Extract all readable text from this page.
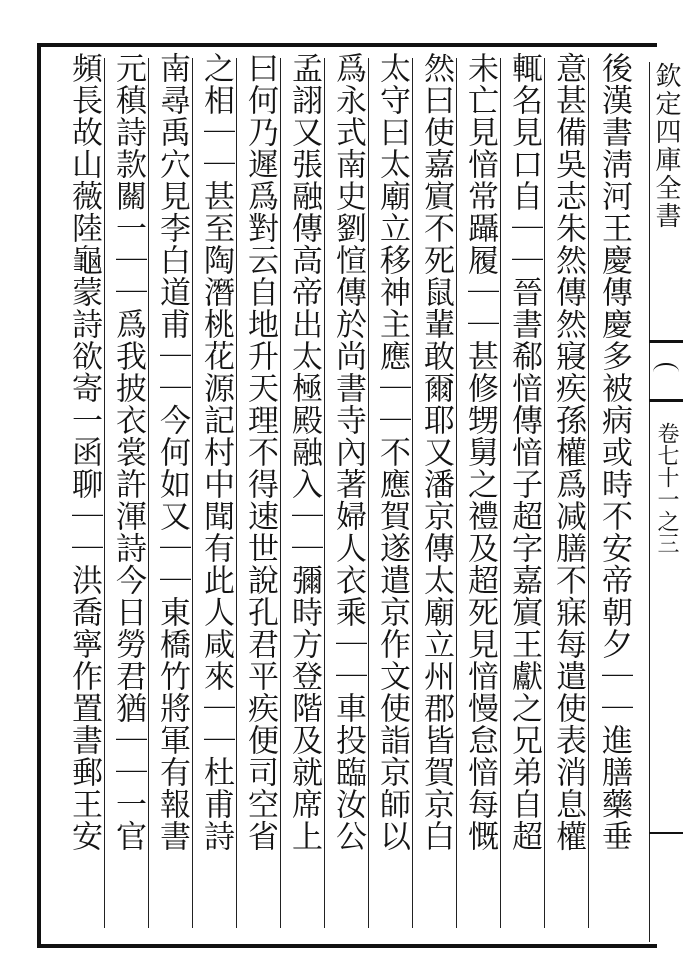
欽定四庫全書
卷七十一之三
後漢書淸河王慶傳慶多被病或時不安帝朝夕｜｜進膳藥垂
意甚備吳志朱然傳然寢疾孫權爲减膳不寐每遣使表消息權
輒名見口自｜｜晉書郗愔傳愔子超字嘉賔王獻之兄弟自超
未亡見愔常躡履｜｜甚修甥舅之禮及超死見愔慢怠愔每慨
然曰使嘉賔不死鼠輩敢爾耶又潘京傳太廟立州郡皆賀京白
太守曰太廟立移神主應｜｜不應賀遂遣京作文使詣京師以
爲永式南史劉愃傳於尚書寺內著婦人衣乘｜｜車投臨汝公
孟詡又張融傳高帝出太極殿融入｜｜彌時方登階及就席上
曰何乃遲爲對云自地升天理不得速世說孔君平疾便司空省
之相｜｜甚至陶潛桃花源記村中聞有此人咸來｜｜杜甫詩
南尋禹穴見李白道甫｜｜今何如又｜｜東橋竹將軍有報書
元稹詩款關一｜｜爲我披衣裳許渾詩今日勞君猶｜｜一官
頻長故山薇陸龜蒙詩欲寄一函聊｜｜洪喬寧作置書郵王安
